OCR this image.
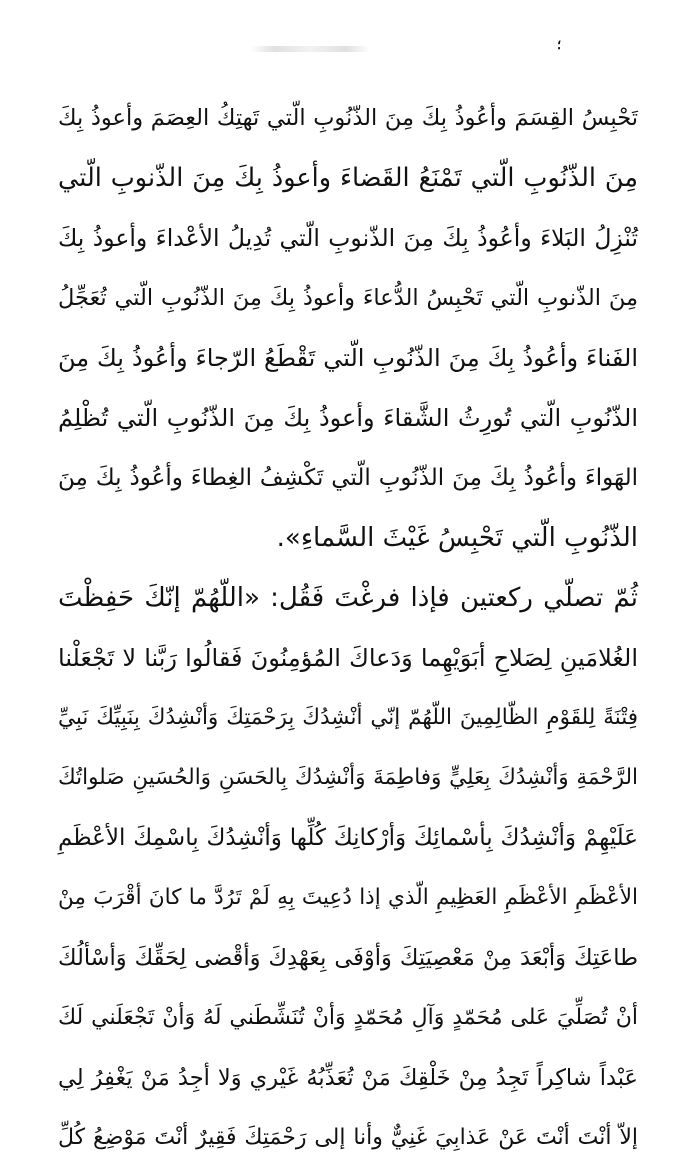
؛
تَحْبِسُ القِسَمَ وأعُوذُ بِكَ مِنَ الذّنُوبِ الّتي تَهتِكُ العِصَمَ وأعوذُ بِكَ
مِنَ الذّنُوبِ الّتي تَمْنَعُ القَضاءَ وأعوذُ بِكَ مِنَ الذّنوبِ الّتي
تُنْزِلُ البَلاءَ وأعُوذُ بِكَ مِنَ الذّنوبِ الّتي تُدِيلُ الأعْداءَ وأعوذُ بِكَ
مِنَ الذّنوبِ الّتي تَحْبِسُ الدُّعاءَ وأعوذُ بِكَ مِنَ الذّنُوبِ الّتي تُعَجِّلُ
الفَناءَ وأعُوذُ بِكَ مِنَ الذّنُوبِ الّتي تَقْطَعُ الرّجاءَ وأعُوذُ بِكَ مِنَ
الذّنُوبِ الّتي تُورِثُ الشَّقاءَ وأعوذُ بِكَ مِنَ الذّنُوبِ الّتي تُظْلِمُ
الهَواءَ وأعُوذُ بِكَ مِنَ الذّنُوبِ الّتي تَكْشِفُ الغِطاءَ وأعُوذُ بِكَ مِنَ
الذّنُوبِ الّتي تَحْبِسُ غَيْثَ السَّماءِ».
ثُمّ تصلّي ركعتين فإذا فرغْتَ فَقُل: «اللّهُمّ إنّكَ حَفِظْتَ
الغُلامَينِ لِصَلاحِ أبَوَيْهِما وَدَعاكَ المُؤمِنُونَ فَقالُوا رَبَّنا لا تَجْعَلْنا
فِتْنَةً لِلقَوْمِ الظّالِمِينَ اللّهُمّ إنّي أنْشِدُكَ بِرَحْمَتِكَ وَأنْشِدُكَ بِنَبِيِّكَ نَبِيِّ
الرَّحْمَةِ وَأنْشِدُكَ بِعَلِيٍّ وَفاطِمَةَ وَأنْشِدُكَ بِالحَسَنِ وَالحُسَينِ صَلواتُكَ
عَلَيْهِمْ وَأنْشِدُكَ بِأسْمائِكَ وَأرْكانِكَ كُلِّها وَأنْشِدُكَ بِاسْمِكَ الأعْظَمِ
الأعْظَمِ الأعْظَمِ العَظِيمِ الّذي إذا دُعِيتَ بِهِ لَمْ تَرُدَّ ما كانَ أقْرَبَ مِنْ
طاعَتِكَ وَأبْعَدَ مِنْ مَعْصِيَتِكَ وَأوْفَى بِعَهْدِكَ وَأقْضى لِحَقِّكَ وَأسْألُكَ
أنْ تُصَلِّيَ عَلى مُحَمّدٍ وَآلِ مُحَمّدٍ وَأنْ تُنَشِّطَني لَهُ وَأنْ تَجْعَلَني لَكَ
عَبْداً شاكِراً تَجِدُ مِنْ خَلْقِكَ مَنْ تُعَذِّبُهُ غَيْري وَلا أجِدُ مَنْ يَغْفِرُ لِي
إلاّ أنْتَ أنْتَ عَنْ عَذابِيَ غَنِيٌّ وأنا إلى رَحْمَتِكَ فَقِيرٌ أنْتَ مَوْضِعُ كُلِّ
